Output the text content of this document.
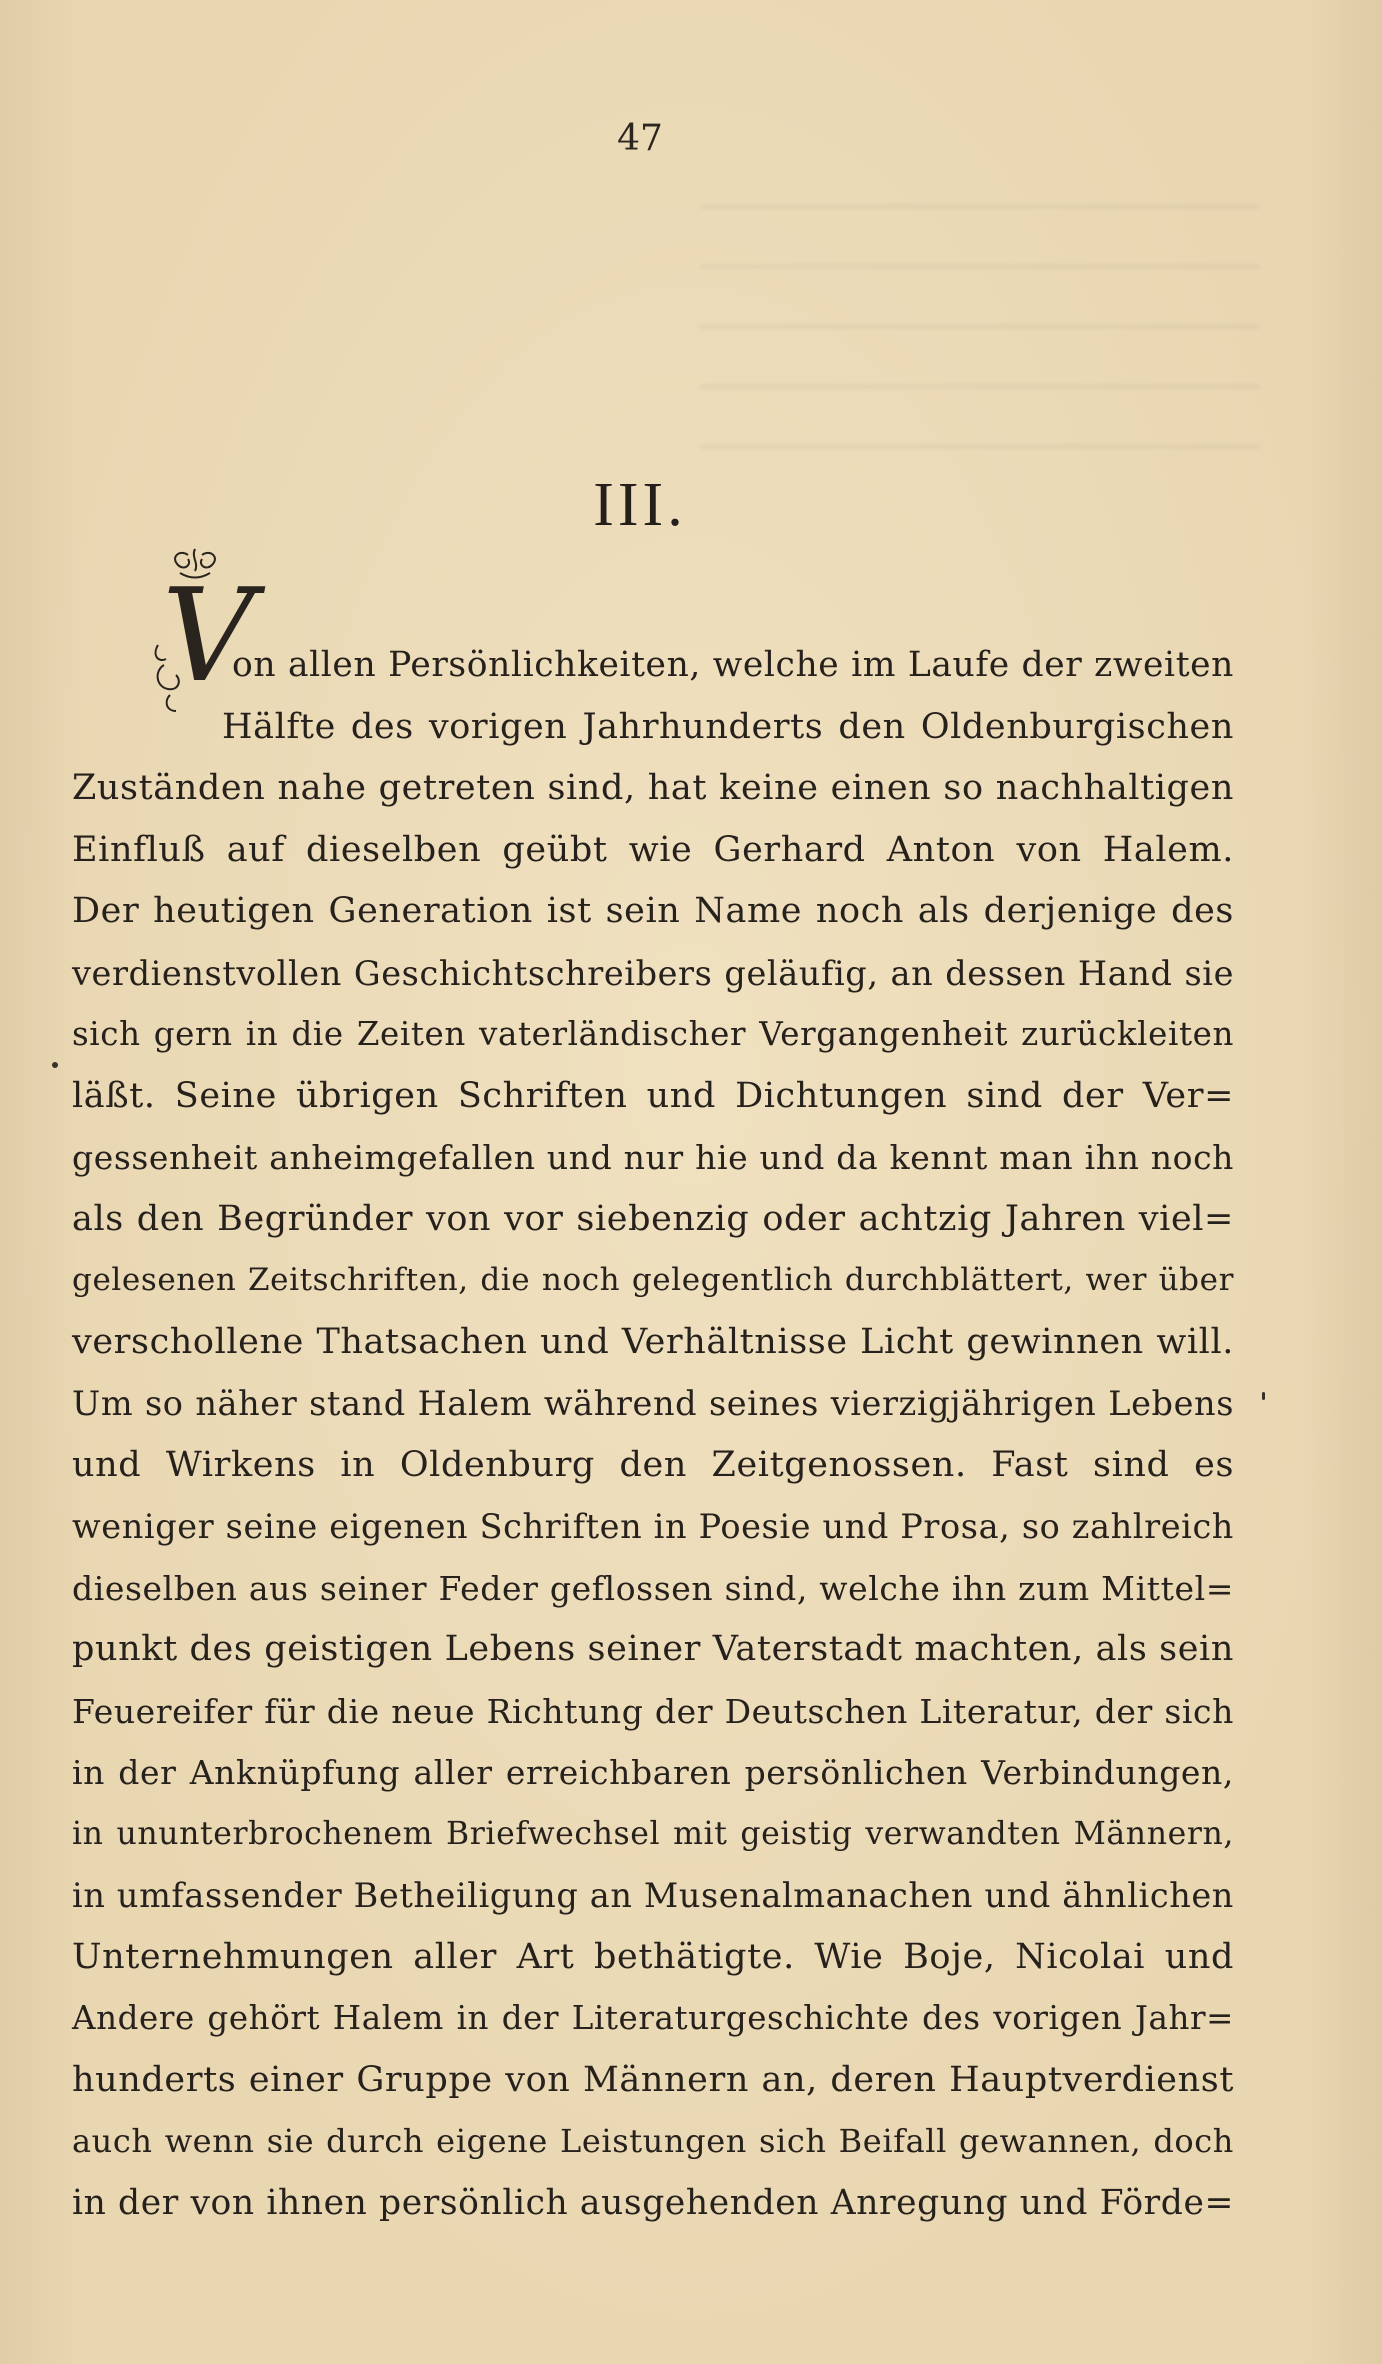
47
III.
V
on allen Persönlichkeiten, welche im Laufe der zweiten
Hälfte des vorigen Jahrhunderts den Oldenburgischen
Zuständen nahe getreten sind, hat keine einen so nachhaltigen
Einfluß auf dieselben geübt wie Gerhard Anton von Halem.
Der heutigen Generation ist sein Name noch als derjenige des
verdienstvollen Geschichtschreibers geläufig, an dessen Hand sie
sich gern in die Zeiten vaterländischer Vergangenheit zurückleiten
läßt. Seine übrigen Schriften und Dichtungen sind der Ver=
gessenheit anheimgefallen und nur hie und da kennt man ihn noch
als den Begründer von vor siebenzig oder achtzig Jahren viel=
gelesenen Zeitschriften, die noch gelegentlich durchblättert, wer über
verschollene Thatsachen und Verhältnisse Licht gewinnen will.
Um so näher stand Halem während seines vierzigjährigen Lebens
und Wirkens in Oldenburg den Zeitgenossen. Fast sind es
weniger seine eigenen Schriften in Poesie und Prosa, so zahlreich
dieselben aus seiner Feder geflossen sind, welche ihn zum Mittel=
punkt des geistigen Lebens seiner Vaterstadt machten, als sein
Feuereifer für die neue Richtung der Deutschen Literatur, der sich
in der Anknüpfung aller erreichbaren persönlichen Verbindungen,
in ununterbrochenem Briefwechsel mit geistig verwandten Männern,
in umfassender Betheiligung an Musenalmanachen und ähnlichen
Unternehmungen aller Art bethätigte. Wie Boje, Nicolai und
Andere gehört Halem in der Literaturgeschichte des vorigen Jahr=
hunderts einer Gruppe von Männern an, deren Hauptverdienst
auch wenn sie durch eigene Leistungen sich Beifall gewannen, doch
in der von ihnen persönlich ausgehenden Anregung und Förde=
